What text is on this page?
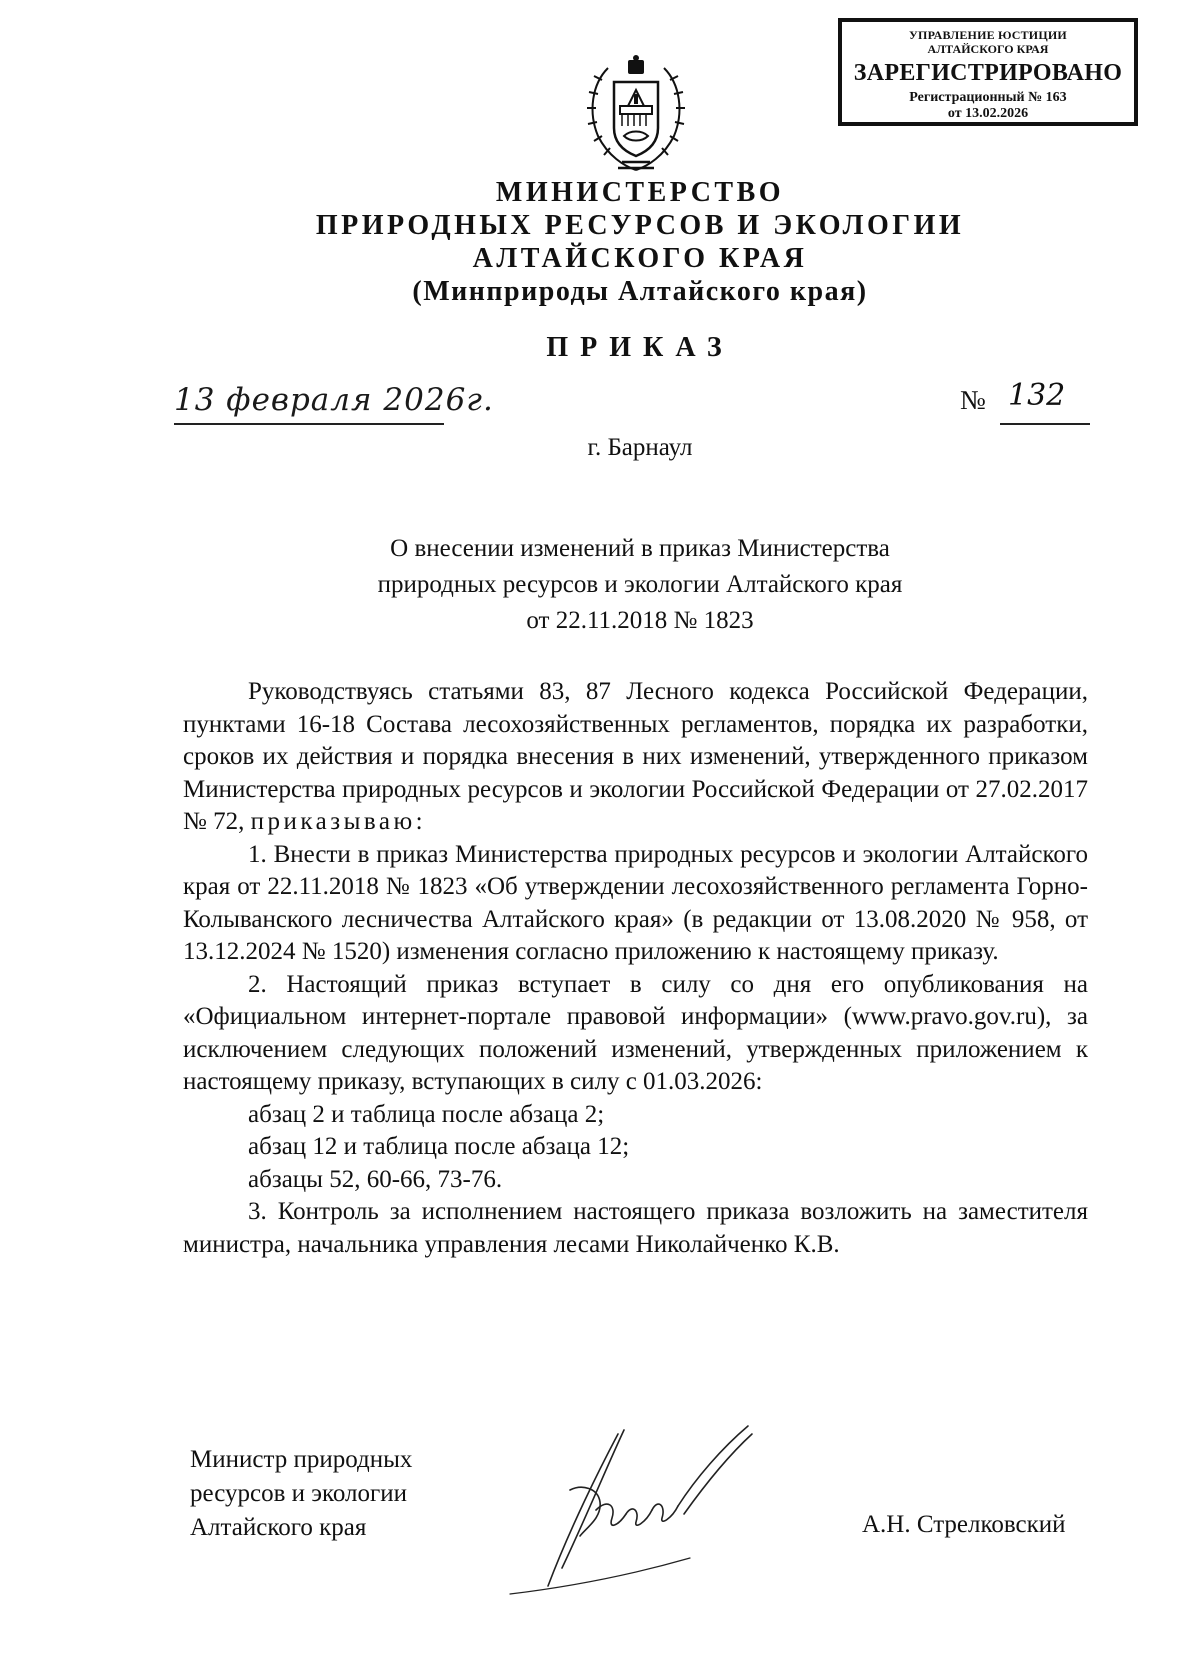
УПРАВЛЕНИЕ ЮСТИЦИИ
АЛТАЙСКОГО КРАЯ
ЗАРЕГИСТРИРОВАНО
Регистрационный № 163
от 13.02.2026
МИНИСТЕРСТВО
ПРИРОДНЫХ РЕСУРСОВ И ЭКОЛОГИИ
АЛТАЙСКОГО КРАЯ
(Минприроды Алтайского края)
ПРИКАЗ
13 февраля 2026г.	№ 132
г. Барнаул
О внесении изменений в приказ Министерства
природных ресурсов и экологии Алтайского края
от 22.11.2018 № 1823

Руководствуясь статьями 83, 87 Лесного кодекса Российской Федерации, пунктами 16-18 Состава лесохозяйственных регламентов, порядка их разработки, сроков их действия и порядка внесения в них изменений, утвержденного приказом Министерства природных ресурсов и экологии Российской Федерации от 27.02.2017 № 72, приказываю:

1. Внести в приказ Министерства природных ресурсов и экологии Алтайского края от 22.11.2018 № 1823 «Об утверждении лесохозяйственного регламента Горно-Колыванского лесничества Алтайского края» (в редакции от 13.08.2020 № 958, от 13.12.2024 № 1520) изменения согласно приложению к настоящему приказу.

2. Настоящий приказ вступает в силу со дня его опубликования на «Официальном интернет-портале правовой информации» (www.pravo.gov.ru), за исключением следующих положений изменений, утвержденных приложением к настоящему приказу, вступающих в силу с 01.03.2026:

абзац 2 и таблица после абзаца 2;

абзац 12 и таблица после абзаца 12;

абзацы 52, 60-66, 73-76.

3. Контроль за исполнением настоящего приказа возложить на заместителя министра, начальника управления лесами Николайченко К.В.

Министр природных
ресурсов и экологии
Алтайского края	А.Н. Стрелковский
